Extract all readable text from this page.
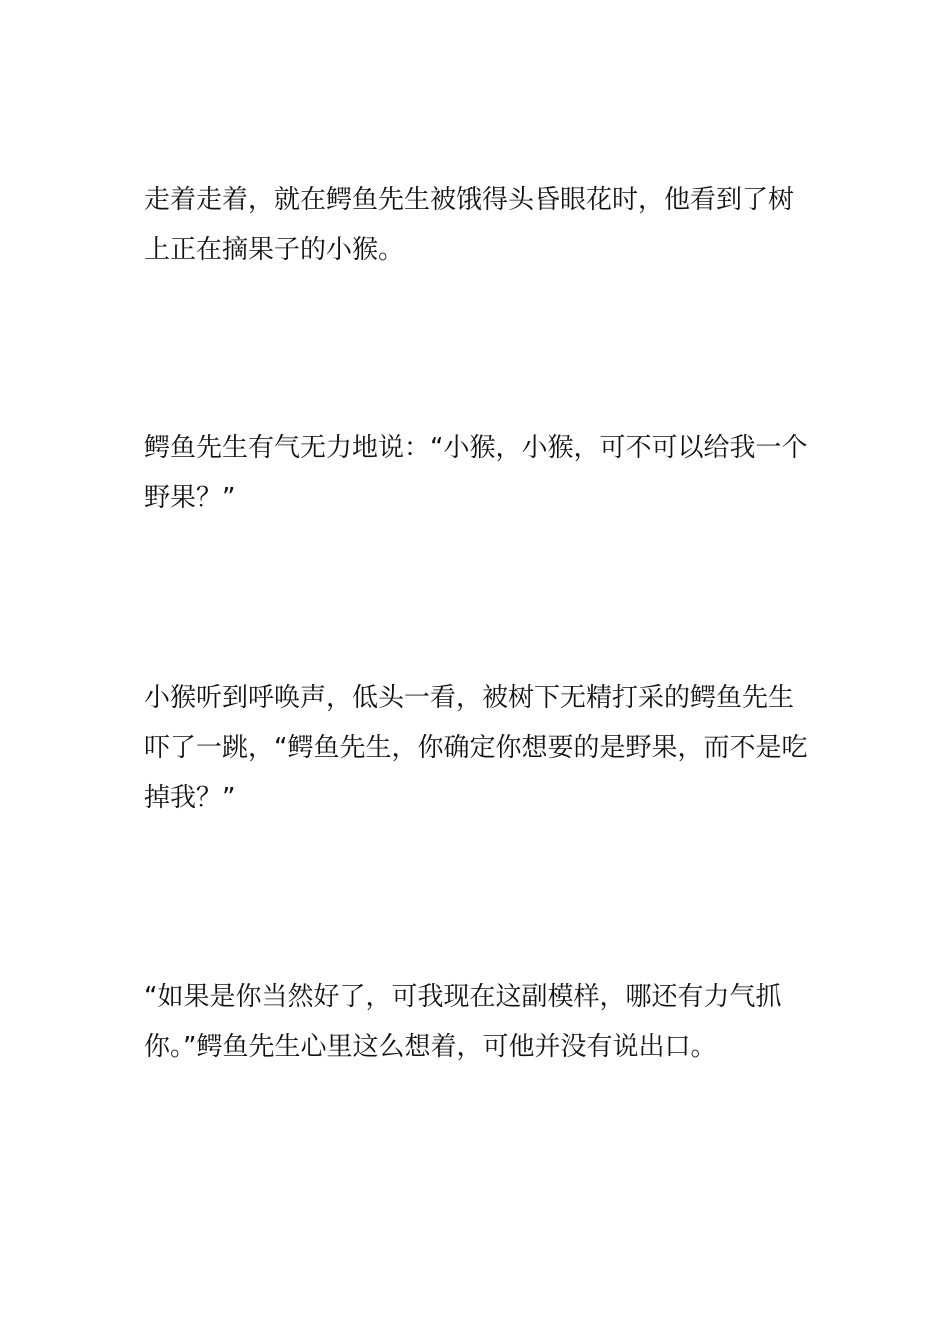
走着走着，就在鳄鱼先生被饿得头昏眼花时，他看到了树上正在摘果子的小猴。

鳄鱼先生有气无力地说：“小猴，小猴，可不可以给我一个野果？”

小猴听到呼唤声，低头一看，被树下无精打采的鳄鱼先生吓了一跳，“鳄鱼先生，你确定你想要的是野果，而不是吃掉我？”

“如果是你当然好了，可我现在这副模样，哪还有力气抓你。”鳄鱼先生心里这么想着，可他并没有说出口。
